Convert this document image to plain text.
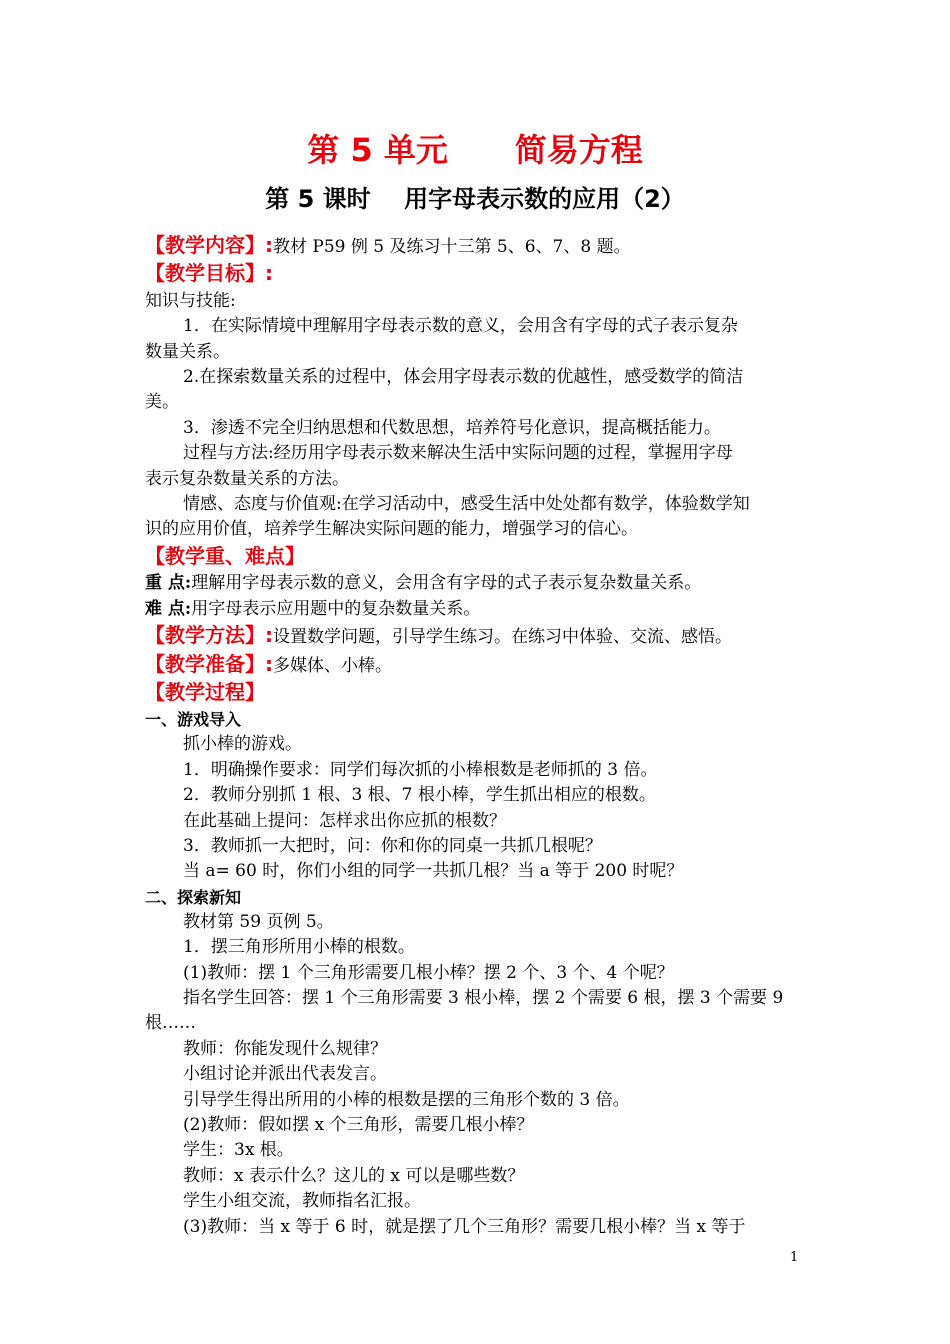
第 5 单元      简易方程
第 5 课时    用字母表示数的应用（2）
【教学内容】:教材 P59 例 5 及练习十三第 5、6、7、8 题。
【教学目标】:
知识与技能:
1．在实际情境中理解用字母表示数的意义，会用含有字母的式子表示复杂
数量关系。
2.在探索数量关系的过程中，体会用字母表示数的优越性，感受数学的简洁
美。
3．渗透不完全归纳思想和代数思想，培养符号化意识，提高概括能力。
过程与方法:经历用字母表示数来解决生活中实际问题的过程，掌握用字母
表示复杂数量关系的方法。
情感、态度与价值观:在学习活动中，感受生活中处处都有数学，体验数学知
识的应用价值，培养学生解决实际问题的能力，增强学习的信心。
【教学重、难点】
重 点:理解用字母表示数的意义，会用含有字母的式子表示复杂数量关系。
难 点:用字母表示应用题中的复杂数量关系。
【教学方法】:设置数学问题，引导学生练习。在练习中体验、交流、感悟。
【教学准备】:多媒体、小棒。
【教学过程】
一、游戏导入
抓小棒的游戏。
1．明确操作要求：同学们每次抓的小棒根数是老师抓的 3 倍。
2．教师分别抓 1 根、3 根、7 根小棒，学生抓出相应的根数。
在此基础上提问：怎样求出你应抓的根数？
3．教师抓一大把时，问：你和你的同桌一共抓几根呢？
当 a= 60 时，你们小组的同学一共抓几根？当 a 等于 200 时呢？
二、探索新知
教材第 59 页例 5。
1．摆三角形所用小棒的根数。
(1)教师：摆 1 个三角形需要几根小棒？摆 2 个、3 个、4 个呢？
指名学生回答：摆 1 个三角形需要 3 根小棒，摆 2 个需要 6 根，摆 3 个需要 9
根……
教师：你能发现什么规律？
小组讨论并派出代表发言。
引导学生得出所用的小棒的根数是摆的三角形个数的 3 倍。
(2)教师：假如摆 x 个三角形，需要几根小棒？
学生：3x 根。
教师：x 表示什么？这儿的 x 可以是哪些数？
学生小组交流，教师指名汇报。
(3)教师：当 x 等于 6 时，就是摆了几个三角形？需要几根小棒？当 x 等于
1
